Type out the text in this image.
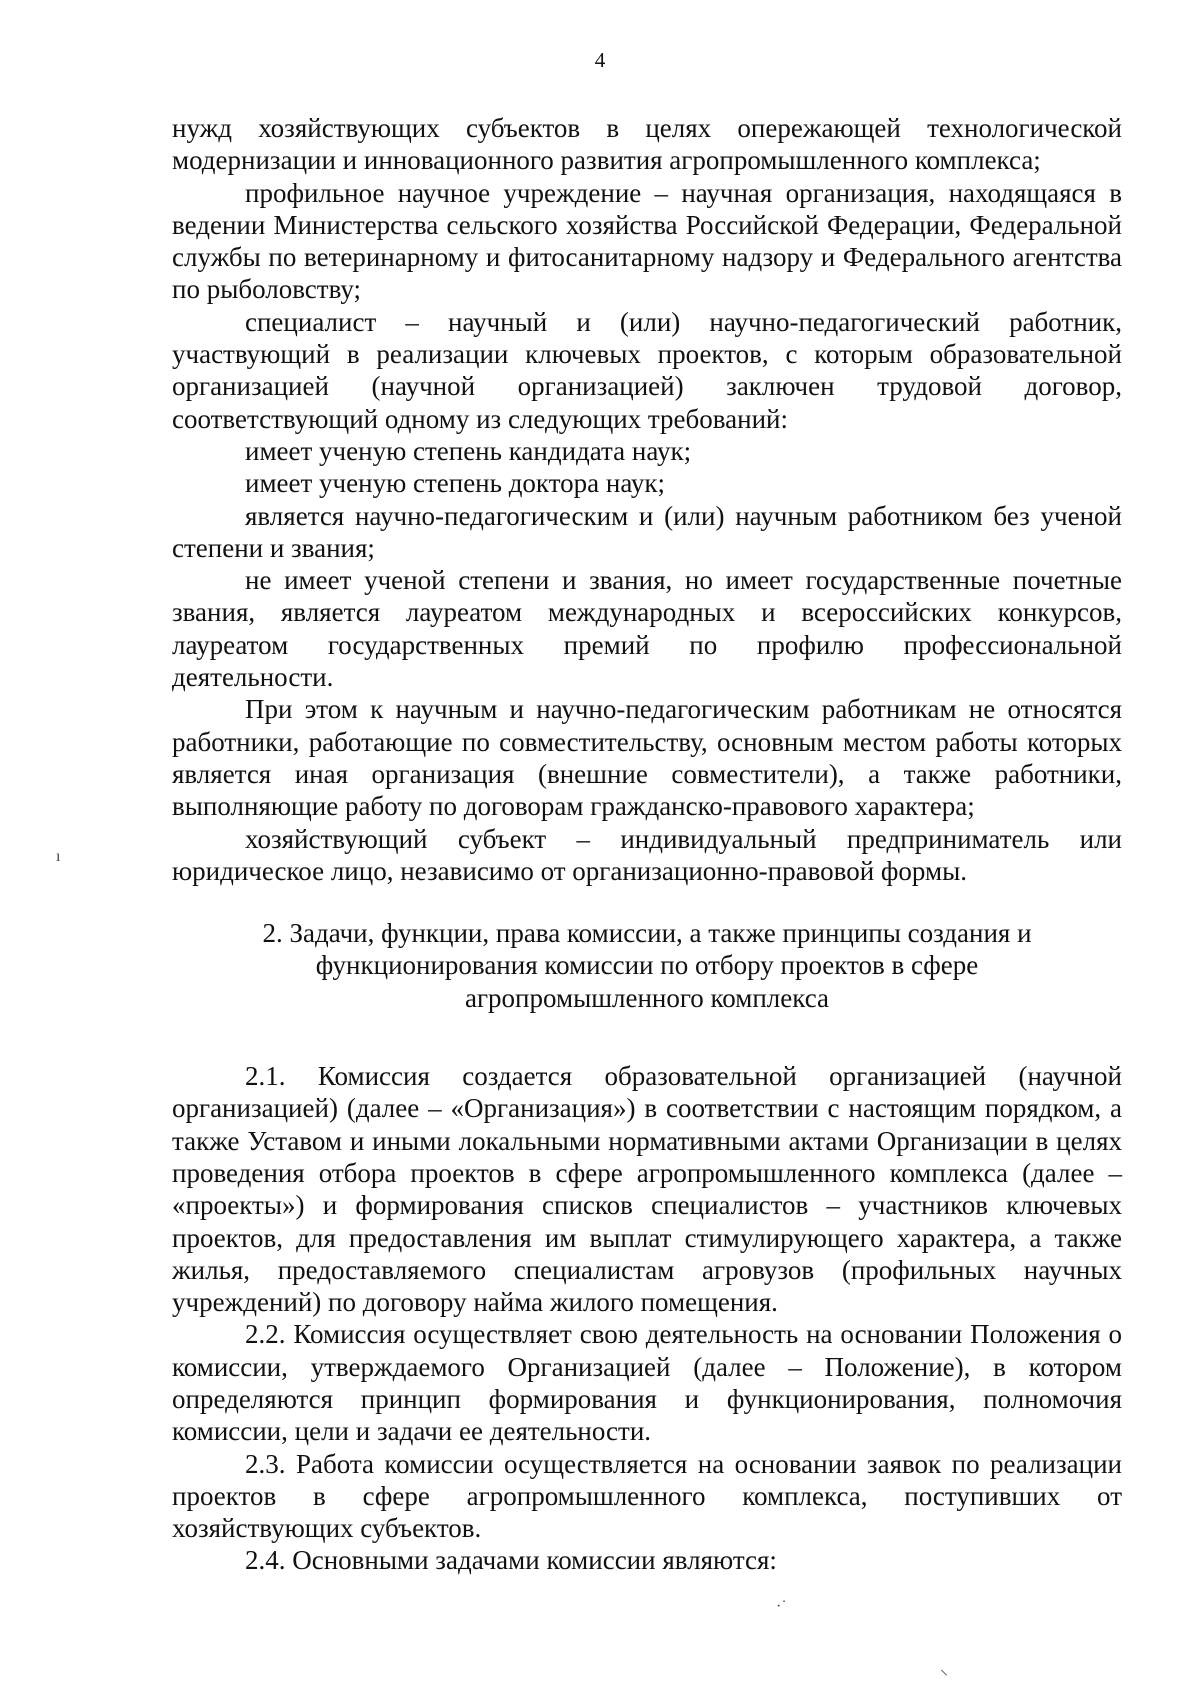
4

нужд хозяйствующих субъектов в целях опережающей технологической модернизации и инновационного развития агропромышленного комплекса;

профильное научное учреждение – научная организация, находящаяся в ведении Министерства сельского хозяйства Российской Федерации, Федеральной службы по ветеринарному и фитосанитарному надзору и Федерального агентства по рыболовству;

специалист – научный и (или) научно-педагогический работник, участвующий в реализации ключевых проектов, с которым образовательной организацией (научной организацией) заключен трудовой договор, соответствующий одному из следующих требований:

имеет ученую степень кандидата наук;

имеет ученую степень доктора наук;

является научно-педагогическим и (или) научным работником без ученой степени и звания;

не имеет ученой степени и звания, но имеет государственные почетные звания, является лауреатом международных и всероссийских конкурсов, лауреатом государственных премий по профилю профессиональной деятельности.

При этом к научным и научно-педагогическим работникам не относятся работники, работающие по совместительству, основным местом работы которых является иная организация (внешние совместители), а также работники, выполняющие работу по договорам гражданско-правового характера;

хозяйствующий субъект – индивидуальный предприниматель или юридическое лицо, независимо от организационно-правовой формы.

2. Задачи, функции, права комиссии, а также принципы создания и

функционирования комиссии по отбору проектов в сфере

агропромышленного комплекса

2.1. Комиссия создается образовательной организацией (научной организацией) (далее – «Организация») в соответствии с настоящим порядком, а также Уставом и иными локальными нормативными актами Организации в целях проведения отбора проектов в сфере агропромышленного комплекса (далее – «проекты») и формирования списков специалистов – участников ключевых проектов, для предоставления им выплат стимулирующего характера, а также жилья, предоставляемого специалистам агровузов (профильных научных учреждений) по договору найма жилого помещения.

2.2. Комиссия осуществляет свою деятельность на основании Положения о комиссии, утверждаемого Организацией (далее – Положение), в котором определяются принцип формирования и функционирования, полномочия комиссии, цели и задачи ее деятельности.

2.3. Работа комиссии осуществляется на основании заявок по реализации проектов в сфере агропромышленного комплекса, поступивших от хозяйствующих субъектов.

2.4. Основными задачами комиссии являются:

ı
·˙
⸌
